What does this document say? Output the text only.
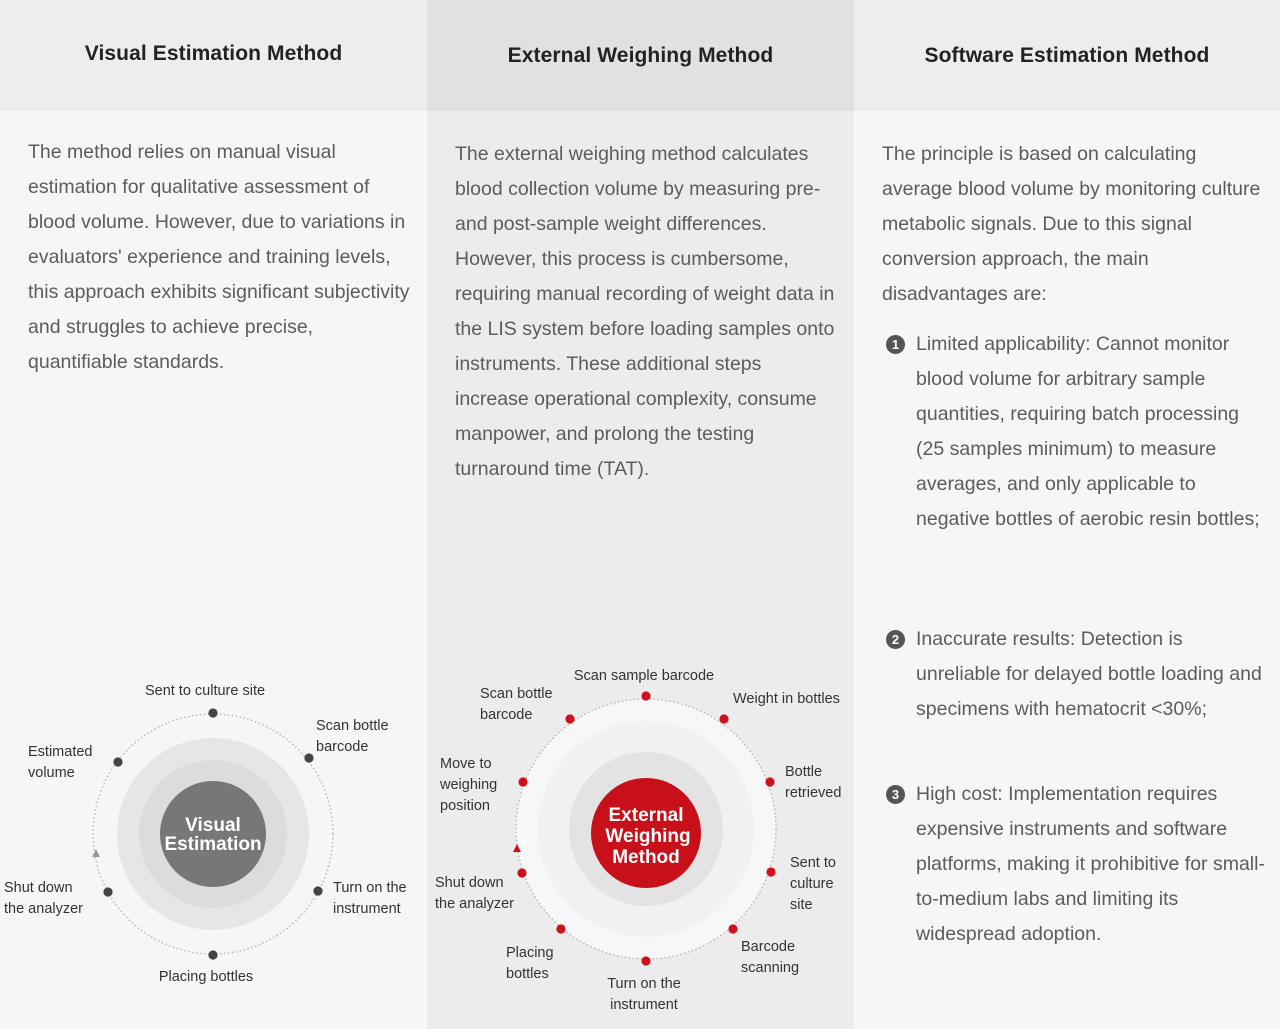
Visual Estimation Method

The method relies on manual visual estimation for qualitative assessment of blood volume. However, due to variations in evaluators' experience and training levels, this approach exhibits significant subjectivity and struggles to achieve precise, quantifiable standards.

Visual
Estimation
Sent to culture site
Scan bottle barcode
Turn on the instrument
Placing bottles
Shut down the analyzer
Estimated volume
External Weighing Method

The external weighing method calculates blood collection volume by measuring pre- and post-sample weight differences. However, this process is cumbersome, requiring manual recording of weight data in the LIS system before loading samples onto instruments. These additional steps increase operational complexity, consume manpower, and prolong the testing turnaround time (TAT).

External
Weighing
Method
Scan sample barcode
Weight in bottles
Bottle retrieved
Sent to culture site
Barcode scanning
Turn on the instrument
Placing bottles
Shut down the analyzer
Move to weighing position
Scan bottle barcode
Software Estimation Method

The principle is based on calculating average blood volume by monitoring culture metabolic signals. Due to this signal conversion approach, the main disadvantages are:

1 Limited applicability: Cannot monitor blood volume for arbitrary sample quantities, requiring batch processing (25 samples minimum) to measure averages, and only applicable to negative bottles of aerobic resin bottles;
2 Inaccurate results: Detection is unreliable for delayed bottle loading and specimens with hematocrit <30%;
3 High cost: Implementation requires expensive instruments and software platforms, making it prohibitive for small-to-medium labs and limiting its widespread adoption.
